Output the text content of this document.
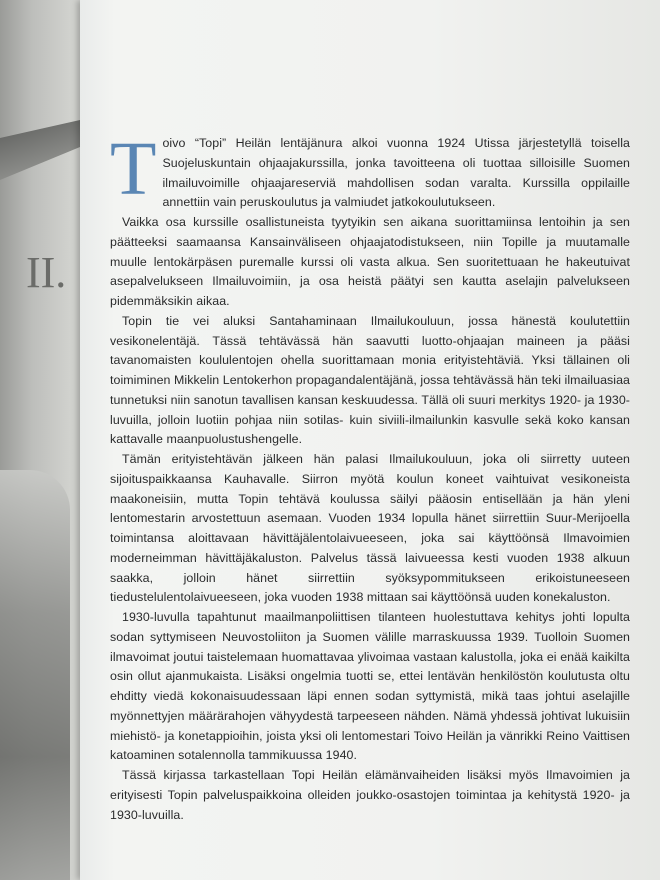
II.

Toivo “Topi” Heilän lentäjänura alkoi vuonna 1924 Utissa järjestetyllä toisella Suojeluskuntain ohjaajakurssilla, jonka tavoitteena oli tuottaa silloisille Suomen ilmailuvoimille ohjaajareserviä mahdollisen sodan varalta. Kurssilla oppilaille annettiin vain peruskoulutus ja valmiudet jatkokoulutukseen.

Vaikka osa kurssille osallistuneista tyytyikin sen aikana suorittamiinsa lentoihin ja sen päätteeksi saamaansa Kansainväliseen ohjaajatodistukseen, niin Topille ja muutamalle muulle lentokärpäsen puremalle kurssi oli vasta alkua. Sen suoritettuaan he hakeutuivat asepalvelukseen Ilmailuvoimiin, ja osa heistä päätyi sen kautta aselajin palvelukseen pidemmäksikin aikaa.

Topin tie vei aluksi Santahaminaan Ilmailukouluun, jossa hänestä koulutettiin vesikonelentäjä. Tässä tehtävässä hän saavutti luotto-ohjaajan maineen ja pääsi tavanomaisten koululentojen ohella suorittamaan monia erityistehtäviä. Yksi tällainen oli toimiminen Mikkelin Lentokerhon propagandalentäjänä, jossa tehtävässä hän teki ilmailuasiaa tunnetuksi niin sanotun tavallisen kansan keskuudessa. Tällä oli suuri merkitys 1920- ja 1930-luvuilla, jolloin luotiin pohjaa niin sotilas- kuin siviili-ilmailunkin kasvulle sekä koko kansan kattavalle maanpuolustushengelle.

Tämän erityistehtävän jälkeen hän palasi Ilmailukouluun, joka oli siirretty uuteen sijoituspaikkaansa Kauhavalle. Siirron myötä koulun koneet vaihtuivat vesikoneista maakoneisiin, mutta Topin tehtävä koulussa säilyi pääosin entisellään ja hän yleni lentomestarin arvostettuun asemaan. Vuoden 1934 lopulla hänet siirrettiin Suur-Merijoella toimintansa aloittavaan hävittäjälentolaivueeseen, joka sai käyttöönsä Ilmavoimien moderneimman hävittäjäkaluston. Palvelus tässä laivueessa kesti vuoden 1938 alkuun saakka, jolloin hänet siirrettiin syöksypommitukseen erikoistuneeseen tiedustelulentolaivueeseen, joka vuoden 1938 mittaan sai käyttöönsä uuden konekaluston.

1930-luvulla tapahtunut maailmanpoliittisen tilanteen huolestuttava kehitys johti lopulta sodan syttymiseen Neuvostoliiton ja Suomen välille marraskuussa 1939. Tuolloin Suomen ilmavoimat joutui taistelemaan huomattavaa ylivoimaa vastaan kalustolla, joka ei enää kaikilta osin ollut ajanmukaista. Lisäksi ongelmia tuotti se, ettei lentävän henkilöstön koulutusta oltu ehditty viedä kokonaisuudessaan läpi ennen sodan syttymistä, mikä taas johtui aselajille myönnettyjen määrärahojen vähyydestä tarpeeseen nähden. Nämä yhdessä johtivat lukuisiin miehistö- ja konetappioihin, joista yksi oli lentomestari Toivo Heilän ja vänrikki Reino Vaittisen katoaminen sotalennolla tammikuussa 1940.

Tässä kirjassa tarkastellaan Topi Heilän elämänvaiheiden lisäksi myös Ilmavoimien ja erityisesti Topin palveluspaikkoina olleiden joukko-osastojen toimintaa ja kehitystä 1920- ja 1930-luvuilla.
